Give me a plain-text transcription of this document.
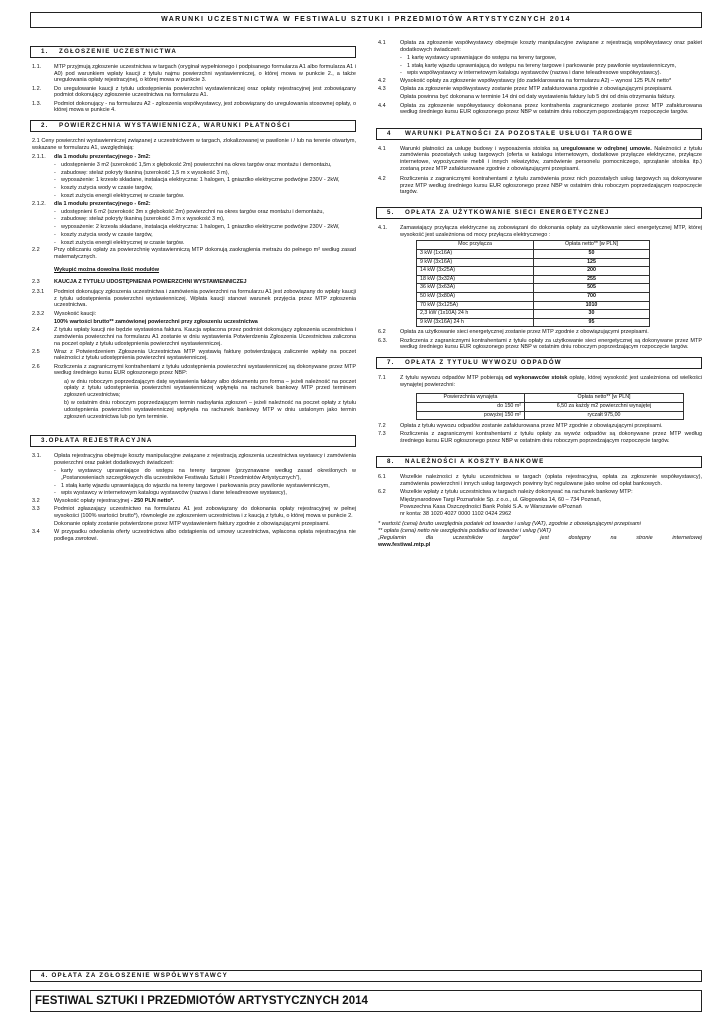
WARUNKI UCZESTNICTWA W FESTIWALU SZTUKI I PRZEDMIOTÓW ARTYSTYCZNYCH 2014
1. ZGŁOSZENIE UCZESTNICTWA
1.1.	MTP przyjmują zgłoszenie uczestnictwa w targach (oryginał wypełnionego i podpisanego formularza A1 albo formularza A1 i A0) pod warunkiem wpłaty kaucji z tytułu najmu powierzchni wystawienniczej, o której mowa w punkcie 2., a także uregulowania opłaty rejestracyjnej, o której mowa w punkcie 3.
1.2.	Do uregulowanie kaucji z tytułu udostępnienia powierzchni wystawienniczej oraz opłaty rejestracyjnej jest zobowiązany podmiot dokonujący zgłoszenie uczestnictwa na formularzu A1.
1.3.	Podmiot dokonujący - na formularzu A2 - zgłoszenia współwystawcy, jest zobowiązany do uregulowania stosownej opłaty, o której mowa w punkcie 4.
2. POWIERZCHNIA WYSTAWIENNICZA, WARUNKI PŁATNOŚCI
2.1 Ceny powierzchni wystawienniczej związanej z uczestnictwem w targach, zlokalizowanej w pawilonie i / lub na terenie otwartym, wskazane w formularzu A1, uwzględniają:
2.1.1.	dla 1 modułu prezentacyjnego - 3m2:
- udostępnienie 3 m2 (szerokość 1,5m x głębokość 2m) powierzchni na okres targów oraz montażu i demontażu,
- zabudowę: stelaż pokryty tkaniną (szerokość 1,5 m x wysokość 3 m),
- wyposażenie: 1 krzesło składane, instalacja elektryczna: 1 halogen, 1 gniazdko elektryczne podwójne 230V - 2kW,
- koszty zużycia wody w czasie targów,
- koszt zużycia energii elektrycznej w czasie targów.
2.1.2.	dla 1 modułu prezentacyjnego - 6m2:
- udostępnieni 6 m2 (szerokość 3m x głębokość 2m) powierzchni na okres targów oraz montażu i demontażu,
- zabudowę: stelaż pokryty tkaniną (szerokość 3 m x wysokość 3 m),
- wyposażenie: 2 krzesła składane, instalacja elektryczna: 1 halogen, 1 gniazdko elektryczne podwójne 230V - 2kW,
- koszty zużycia wody w czasie targów,
- koszt zużycia energii elektrycznej w czasie targów.
2.2	Przy obliczaniu opłaty za powierzchnię wystawienniczą MTP dokonują zaokrąglenia metrażu do pełnego m² według zasad matematycznych.
Wykupić można dowolna ilość modułów
2.3	KAUCJA Z TYTUŁU UDOSTĘPNIENIA POWIERZCHNI WYSTAWIENNICZEJ
2.3.1	Podmiot dokonujący zgłoszenia uczestnictwa i zamówienia powierzchni na formularzu A1 jest zobowiązany do wpłaty kaucji z tytułu udostępnienia powierzchni wystawienniczej. Wpłata kaucji stanowi warunek przyjęcia przez MTP zgłoszenia uczestnictwa.
2.3.2	Wysokość kaucji:
100% wartości brutto** zamówionej powierzchni przy zgłoszeniu uczestnictwa
2.4	Z tytułu wpłaty kaucji nie będzie wystawiona faktura. Kaucja wpłacona przez podmiot dokonujący zgłoszenia uczestnictwa i zamówienia powierzchni na formularzu A1 zostanie w dniu wystawienia Potwierdzenia Zgłoszenia Uczestnictwa zaliczona na poczet opłaty z tytułu udostępnienia powierzchni wystawienniczej.
2.5	Wraz z Potwierdzeniem Zgłoszenia Uczestnictwa MTP wystawią fakturę potwierdzającą zaliczenie wpłaty na poczet należności z tytułu udostępnienia powierzchni wystawienniczej.
2.6	Rozliczenia z zagranicznymi kontrahentami z tytułu udostępnienia powierzchni wystawienniczej są dokonywane przez MTP według średniego kursu EUR ogłoszonego przez NBP:
a) w dniu roboczym poprzedzającym datę wystawienia faktury albo dokumentu pro forma – jeżeli należność na poczet opłaty z tytułu udostępnienia powierzchni wystawienniczej wpłynęła na rachunek bankowy MTP przed terminem zgłoszeń uczestnictwa;
b) w ostatnim dniu roboczym poprzedzającym termin nadsyłania zgłoszeń – jeżeli należność na poczet opłaty z tytułu udostępnienia powierzchni wystawienniczej wpłynęła na rachunek bankowy MTP w dniu ustalonym jako termin zgłoszeń uczestnictwa lub po tym terminie.
3.OPŁATA REJESTRACYJNA
3.1.	Opłata rejestracyjna obejmuje koszty manipulacyjne związane z rejestracją zgłoszenia uczestnictwa wystawcy i zamówienia powierzchni oraz pakiet dodatkowych świadczeń:
- karty wystawcy uprawniające do wstępu na tereny targowe (przyznawane według zasad określonych w „Postanowieniach szczegółowych dla uczestników Festiwalu Sztuki i Przedmiotów Artystycznych”),
- 1 stałą kartę wjazdu uprawniającą do wjazdu na tereny targowe i parkowania przy pawilonie wystawienniczym,
- wpis wystawcy w internetowym katalogu wystawców (nazwa i dane teleadresowe wystawcy),
3.2	Wysokość opłaty rejestracyjnej - 250 PLN netto*.
3.3	Podmiot zgłaszający uczestnictwo na formularzu A1 jest zobowiązany do dokonania opłaty rejestracyjnej w pełnej wysokości (100% wartości brutto*), równolegle ze zgłoszeniem uczestnictwa i z kaucją z tytułu, o której mowa w punkcie 2.
Dokonanie opłaty zostanie potwierdzone przez MTP wystawieniem faktury zgodnie z obowiązującymi przepisami.
3.4	W przypadku odwołania oferty uczestnictwa albo odstąpienia od umowy uczestnictwa, wpłacona opłata rejestracyjna nie podlega zwrotowi.
4.1	Opłata za zgłoszenie współwystawcy obejmuje koszty manipulacyjne związane z rejestracją współwystawcy oraz pakiet dodatkowych świadczeń:
- 1 kartę wystawcy uprawniające do wstępu na tereny targowe,
- 1 stałą kartę wjazdu uprawniającą do wstępu na tereny targowe i parkowanie przy pawilonie wystawienniczym,
- wpis współwystawcy w internetowym katalogu wystawców (nazwa i dane teleadresowe współwystawcy).
4.2	Wysokość opłaty za zgłoszenie współwystawcy (do zadeklarowania na formularzu A2) – wynosi 125 PLN netto*
4.3	Opłata za zgłoszenie współwystawcy zostanie przez MTP zafakturowana zgodnie z obowiązującymi przepisami.
Opłata powinna być dokonana w terminie 14 dni od daty wystawienia faktury lub 5 dni od dnia otrzymania faktury.
4.4	Opłata za zgłoszenie współwystawcy dokonana przez kontrahenta zagranicznego zostanie przez MTP zafakturowana według średniego kursu EUR ogłoszonego przez NBP w ostatnim dniu roboczym poprzedzającym rozpoczęcie targów.
4 WARUNKI PŁATNOŚCI ZA POZOSTAŁE USŁUGI TARGOWE
4.1	Warunki płatności za usługę budowy i wyposażenia stoiska są uregulowane w odrębnej umowie. Należności z tytułu zamówienia pozostałych usług targowych (oferta w katalogu internetowym, dodatkowe przyłącze elektryczne, przyłącze internetowe, wypożyczenie mebli i innych rekwizytów, zamówienie personelu pomocniczego, sprzątanie stoiska itp.) zostaną przez MTP zafakturowane zgodnie z obowiązującymi przepisami.
4.2	Rozliczenia z zagranicznymi kontrahentami z tytułu zamówienia przez nich pozostałych usług targowych są dokonywane przez MTP według średniego kursu EUR ogłoszonego przez NBP w ostatnim dniu roboczym poprzedzającym rozpoczęcie targów.
5. OPŁATA ZA UŻYTKOWANIE SIECI ENERGETYCZNEJ
4.1.	Zamawiający przyłącza elektryczne są zobowiązani do dokonania opłaty za użytkowanie sieci energetycznej MTP, której wysokość jest uzależniona od mocy przyłącza elektrycznego :
Moc przyłącza	Opłata netto** [w PLN]
3 kW (1x16A)	50
9 kW (3x16A)	125
14 kW (3x25A)	200
18 kW (3x32A)	255
36 kW (3x63A)	505
50 kW (3x80A)	700
70 kW (3x125A)	1010
2,3 kW (1x10A) 24 h	30
9 kW (3x16A) 24 h	95
6.2	Opłata za użytkowanie sieci energetycznej zostanie przez MTP zgodnie z obowiązującymi przepisami.
6.3.	Rozliczenia z zagranicznymi kontrahentami z tytułu opłaty za użytkowanie sieci energetycznej są dokonywane przez MTP według średniego kursu EUR ogłoszonego przez NBP w ostatnim dniu roboczym poprzedzającym rozpoczęcie targów.
7. OPŁATA Z TYTUŁU WYWOZU ODPADÓW
7.1	Z tytułu wywozu odpadów MTP pobierają od wykonawców stoisk opłatę, której wysokość jest uzależniona od wielkości wynajętej powierzchni:
Powierzchnia wynajęta	Opłata netto** [w PLN]
do 150 m²	6,50 za każdy m2 powierzchni wynajętej
powyżej 150 m²	ryczałt 975,00
7.2	Opłata z tytułu wywozu odpadów zostanie zafakturowana przez MTP zgodnie z obowiązującymi przepisami.
7.3	Rozliczenia z zagranicznymi kontrahentami z tytułu opłaty za wywóz odpadów są dokonywane przez MTP według średniego kursu EUR ogłoszonego przez NBP w ostatnim dniu roboczym poprzedzającym rozpoczęcie targów.
8. NALEŻNOŚCI A KOSZTY BANKOWE
6.1	Wszelkie należności z tytułu uczestnictwa w targach (opłata rejestracyjna, opłata za zgłoszenie współwystawcy), zamówienia powierzchni i innych usług targowych powinny być regulowane jako wolne od opłat bankowych.
6.2	Wszelkie wpłaty z tytułu uczestnictwa w targach należy dokonywać na rachunek bankowy MTP:
Międzynarodowe Targi Poznańskie Sp. z o.o., ul. Głogowska 14, 60 – 734 Poznań,
Powszechna Kasa Oszczędności Bank Polski S.A. w Warszawie o/Poznań
nr konta: 38 1020 4027 0000 1102 0424 2962
* wartość (cena) brutto uwzględnia podatek od towarów i usług (VAT), zgodnie z obowiązującymi przepisami
** opłata (cena) netto nie uwzględnia podatku od towarów i usług (VAT)
„Regulamin dla uczestników targów” jest dostępny na stronie internetowej
www.festiwal.mtp.pl
4. OPŁATA ZA ZGŁOSZENIE WSPÓŁWYSTAWCY
FESTIWAL SZTUKI I PRZEDMIOTÓW ARTYSTYCZNYCH 2014
